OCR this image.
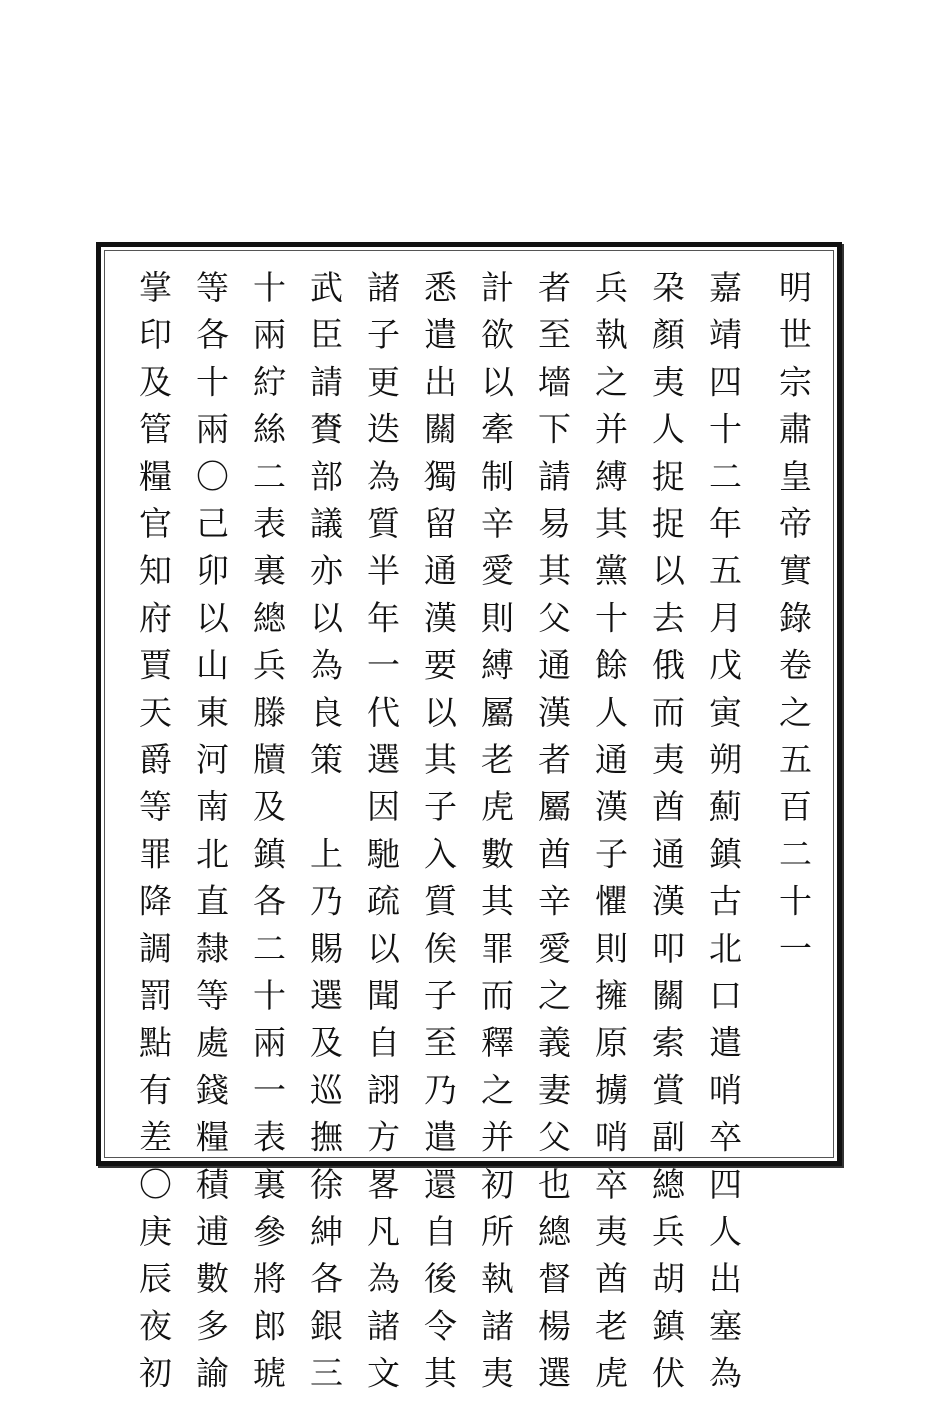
明世宗肅皇帝實錄卷之五百二十一
嘉靖四十二年五月戊寅朔薊鎮古北口遣哨卒四人出塞為
朶顏夷人捉捉以去俄而夷酋通漢叩關索賞副總兵胡鎮伏
兵執之并縛其黨十餘人通漢子懼則擁原擄哨卒夷酋老虎
者至墻下請易其父通漢者屬酋辛愛之義妻父也總督楊選
計欲以牽制辛愛則縛屬老虎數其罪而釋之并初所執諸夷
悉遣出關獨留通漢要以其子入質俟子至乃遣還自後令其
諸子更迭為質半年一代選因馳疏以聞自詡方畧凡為諸文
武臣請賚部議亦以為良策　上乃賜選及巡撫徐紳各銀三
十兩紵絲二表裏總兵滕牘及鎮各二十兩一表裏參將郎琥
等各十兩〇己卯以山東河南北直隸等處錢糧積逋數多諭
掌印及管糧官知府賈天爵等罪降調罰點有差〇庚辰夜初
